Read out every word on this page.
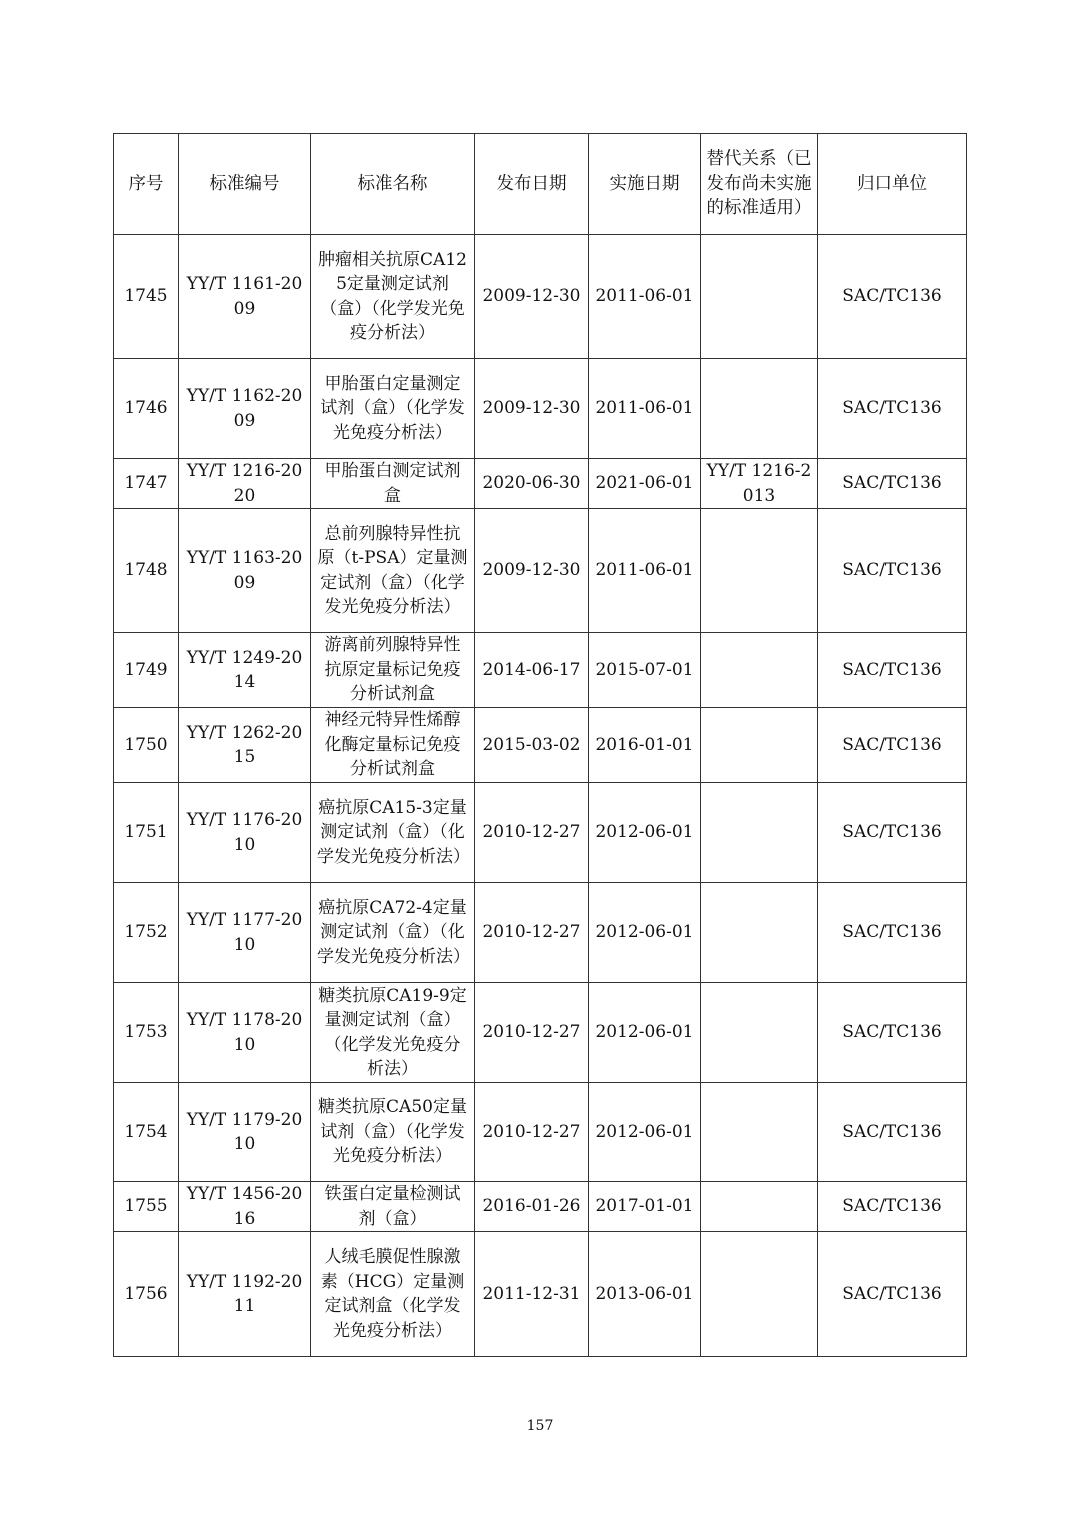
序号	标准编号	标准名称	发布日期	实施日期	替代关系（已发布尚未实施的标准适用）	归口单位
1745	YY/T 1161-2009	肿瘤相关抗原CA125定量测定试剂（盒）（化学发光免疫分析法）	2009-12-30	2011-06-01		SAC/TC136
1746	YY/T 1162-2009	甲胎蛋白定量测定试剂（盒）（化学发光免疫分析法）	2009-12-30	2011-06-01		SAC/TC136
1747	YY/T 1216-2020	甲胎蛋白测定试剂盒	2020-06-30	2021-06-01	YY/T 1216-2013	SAC/TC136
1748	YY/T 1163-2009	总前列腺特异性抗原（t-PSA）定量测定试剂（盒）（化学发光免疫分析法）	2009-12-30	2011-06-01		SAC/TC136
1749	YY/T 1249-2014	游离前列腺特异性抗原定量标记免疫分析试剂盒	2014-06-17	2015-07-01		SAC/TC136
1750	YY/T 1262-2015	神经元特异性烯醇化酶定量标记免疫分析试剂盒	2015-03-02	2016-01-01		SAC/TC136
1751	YY/T 1176-2010	癌抗原CA15-3定量测定试剂（盒）（化学发光免疫分析法）	2010-12-27	2012-06-01		SAC/TC136
1752	YY/T 1177-2010	癌抗原CA72-4定量测定试剂（盒）（化学发光免疫分析法）	2010-12-27	2012-06-01		SAC/TC136
1753	YY/T 1178-2010	糖类抗原CA19-9定量测定试剂（盒）（化学发光免疫分析法）	2010-12-27	2012-06-01		SAC/TC136
1754	YY/T 1179-2010	糖类抗原CA50定量试剂（盒）（化学发光免疫分析法）	2010-12-27	2012-06-01		SAC/TC136
1755	YY/T 1456-2016	铁蛋白定量检测试剂（盒）	2016-01-26	2017-01-01		SAC/TC136
1756	YY/T 1192-2011	人绒毛膜促性腺激素（HCG）定量测定试剂盒（化学发光免疫分析法）	2011-12-31	2013-06-01		SAC/TC136
157
